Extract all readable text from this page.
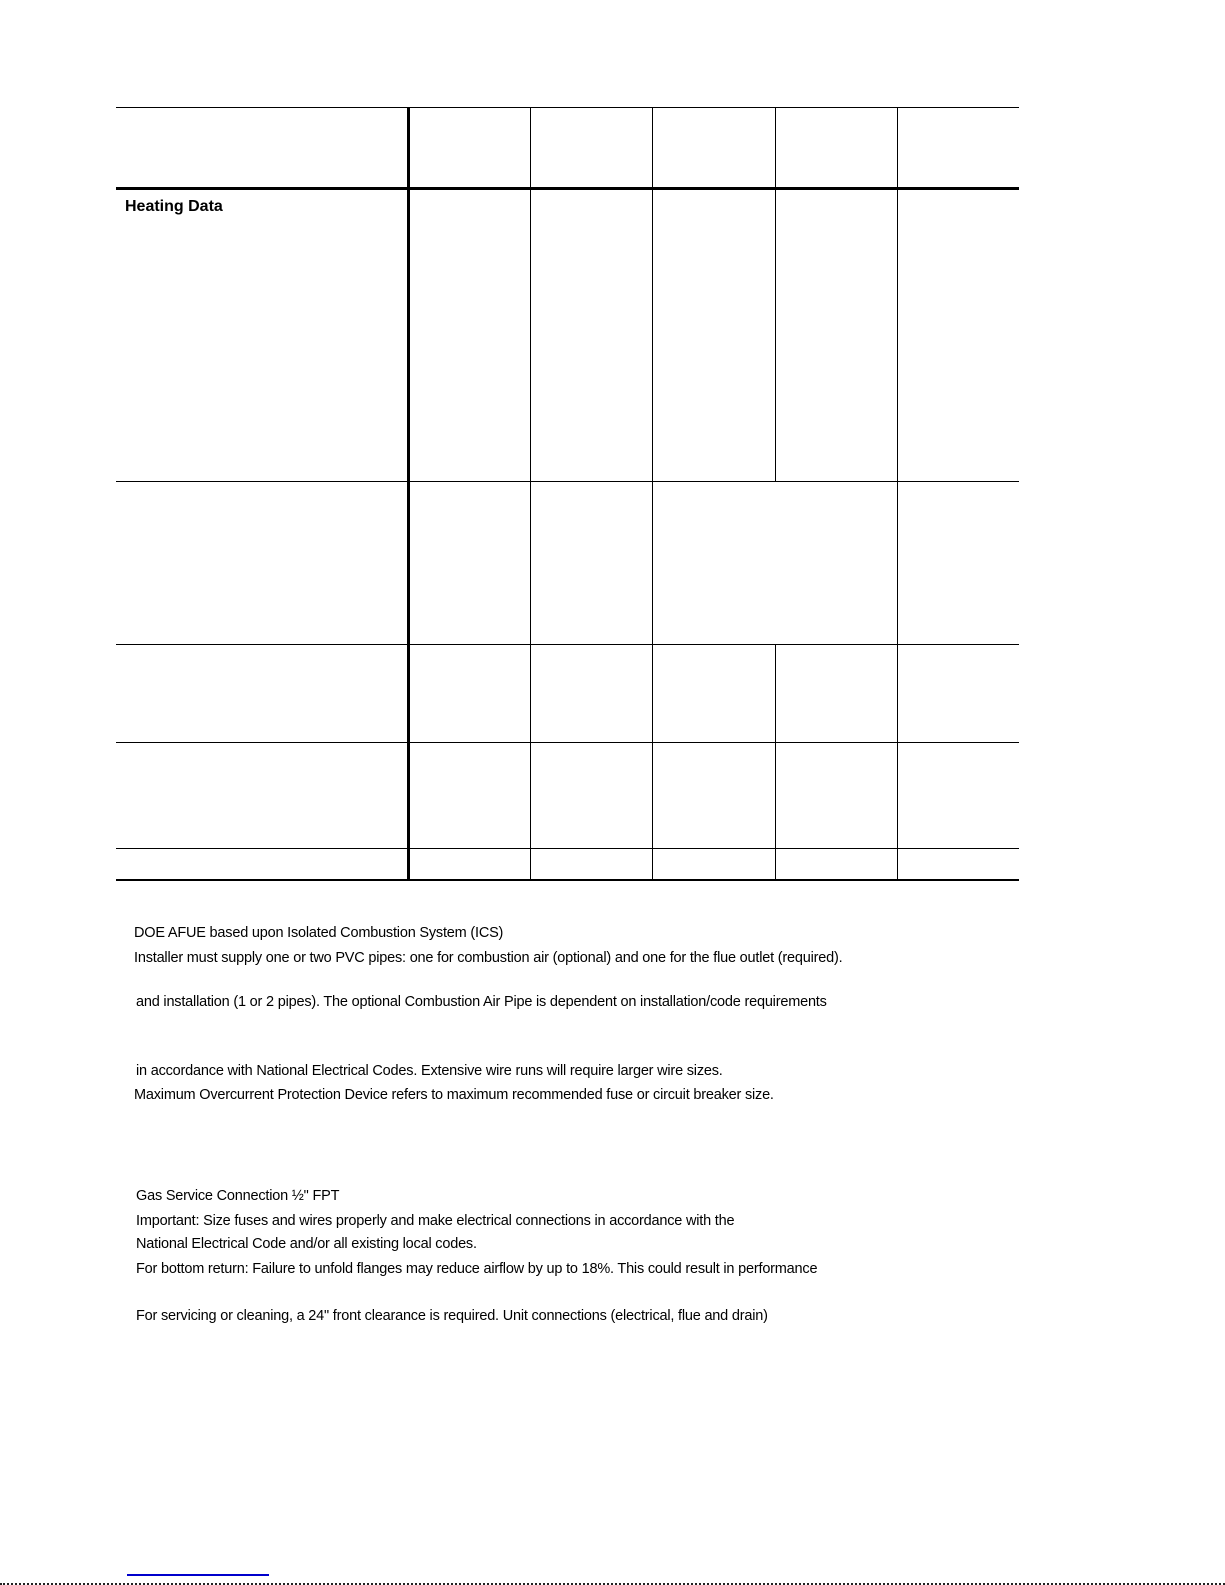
Heating Data
DOE AFUE based upon Isolated Combustion System (ICS)
Installer must supply one or two PVC pipes: one for combustion air (optional) and one for the flue outlet (required).
and installation (1 or 2 pipes). The optional Combustion Air Pipe is dependent on installation/code requirements
in accordance with National Electrical Codes. Extensive wire runs will require larger wire sizes.
Maximum Overcurrent Protection Device refers to maximum recommended fuse or circuit breaker size.
Gas Service Connection ½" FPT
Important: Size fuses and wires properly and make electrical connections in accordance with the
National Electrical Code and/or all existing local codes.
For bottom return: Failure to unfold flanges may reduce airflow by up to 18%. This could result in performance
For servicing or cleaning, a 24" front clearance is required. Unit connections (electrical, flue and drain)
